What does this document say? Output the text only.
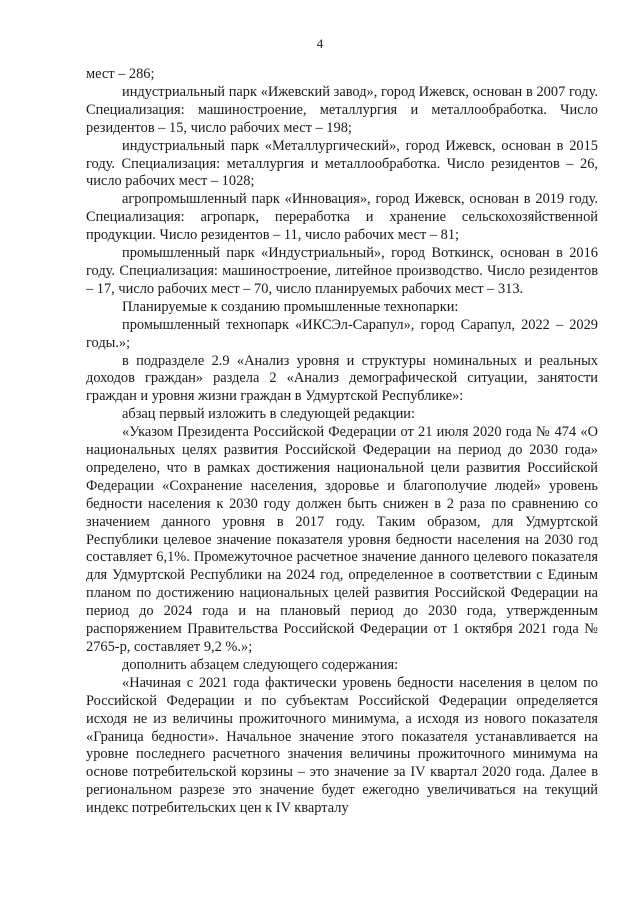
4

мест – 286;

индустриальный парк «Ижевский завод», город Ижевск, основан в 2007 году. Специализация: машиностроение, металлургия и металлообработка. Число резидентов – 15, число рабочих мест – 198;

индустриальный парк «Металлургический», город Ижевск, основан в 2015 году. Специализация: металлургия и металлообработка. Число резидентов – 26, число рабочих мест – 1028;

агропромышленный парк «Инновация», город Ижевск, основан в 2019 году. Специализация: агропарк, переработка и хранение сельскохозяйственной продукции. Число резидентов – 11, число рабочих мест – 81;

промышленный парк «Индустриальный», город Воткинск, основан в 2016 году. Специализация: машиностроение, литейное производство. Число резидентов – 17, число рабочих мест – 70, число планируемых рабочих мест – 313.

Планируемые к созданию промышленные технопарки:

промышленный технопарк «ИКСЭл-Сарапул», город Сарапул, 2022 – 2029 годы.»;

в подразделе 2.9 «Анализ уровня и структуры номинальных и реальных доходов граждан» раздела 2 «Анализ демографической ситуации, занятости граждан и уровня жизни граждан в Удмуртской Республике»:

абзац первый изложить в следующей редакции:

«Указом Президента Российской Федерации от 21 июля 2020 года № 474 «О национальных целях развития Российской Федерации на период до 2030 года» определено, что в рамках достижения национальной цели развития Российской Федерации «Сохранение населения, здоровье и благополучие людей» уровень бедности населения к 2030 году должен быть снижен в 2 раза по сравнению со значением данного уровня в 2017 году. Таким образом, для Удмуртской Республики целевое значение показателя уровня бедности населения на 2030 год составляет 6,1%. Промежуточное расчетное значение данного целевого показателя для Удмуртской Республики на 2024 год, определенное в соответствии с Единым планом по достижению национальных целей развития Российской Федерации на период до 2024 года и на плановый период до 2030 года, утвержденным распоряжением Правительства Российской Федерации от 1 октября 2021 года № 2765-р, составляет 9,2 %.»;

дополнить абзацем следующего содержания:

«Начиная с 2021 года фактически уровень бедности населения в целом по Российской Федерации и по субъектам Российской Федерации определяется исходя не из величины прожиточного минимума, а исходя из нового показателя «Граница бедности». Начальное значение этого показателя устанавливается на уровне последнего расчетного значения величины прожиточного минимума на основе потребительской корзины – это значение за IV квартал 2020 года. Далее в региональном разрезе это значение будет ежегодно увеличиваться на текущий индекс потребительских цен к IV кварталу
